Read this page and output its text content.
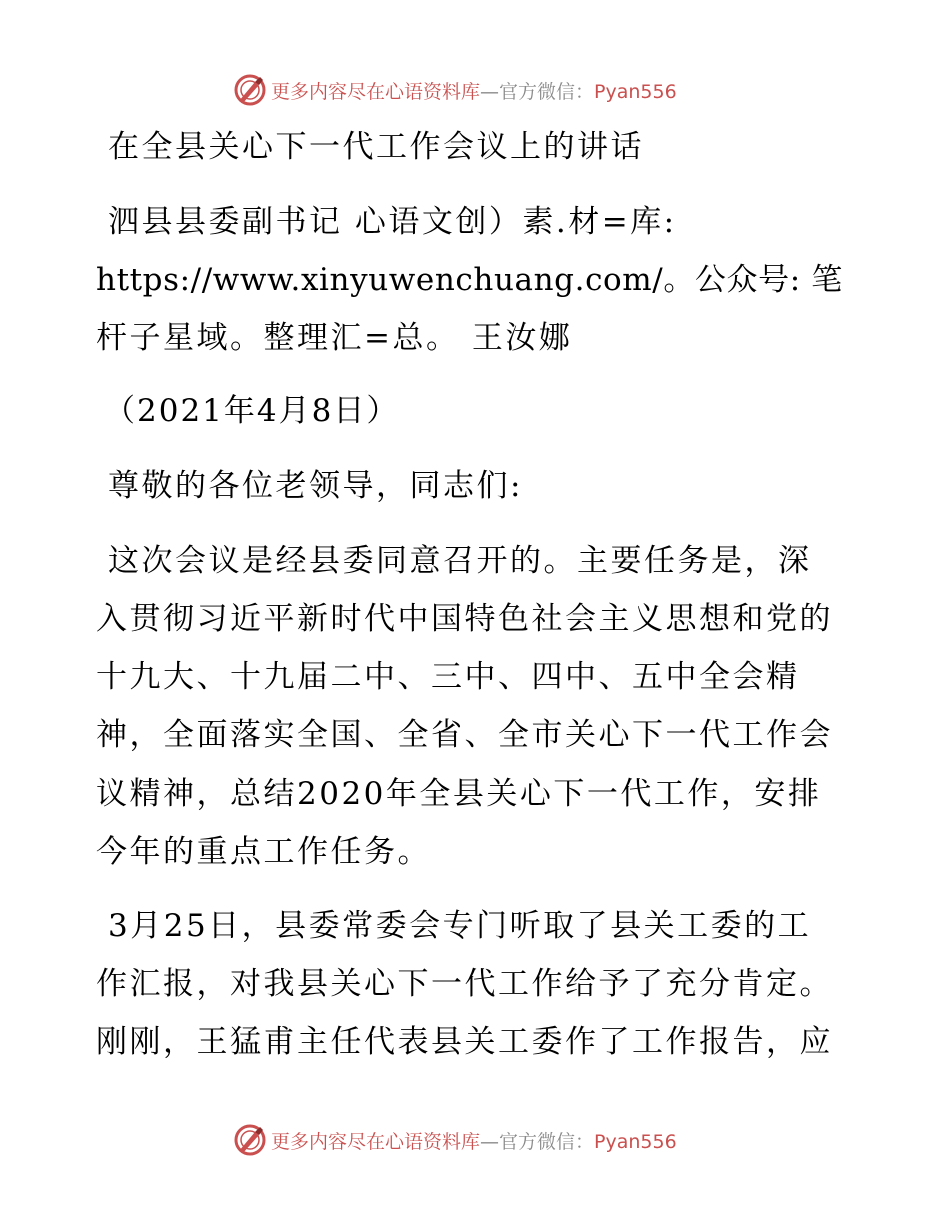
更多内容尽在心语资料库—官方微信：Pyan556
在全县关心下一代工作会议上的讲话
泗县县委副书记 心语文创）素.材=库:
https://www.xinyuwenchuang.com/。公众号: 笔
杆子星域。整理汇=总。 王汝娜
（2021年4月8日）
尊敬的各位老领导，同志们:
这次会议是经县委同意召开的。主要任务是，深
入贯彻习近平新时代中国特色社会主义思想和党的
十九大、十九届二中、三中、四中、五中全会精
神，全面落实全国、全省、全市关心下一代工作会
议精神，总结2020年全县关心下一代工作，安排
今年的重点工作任务。
3月25日，县委常委会专门听取了县关工委的工
作汇报，对我县关心下一代工作给予了充分肯定。
刚刚，王猛甫主任代表县关工委作了工作报告，应
更多内容尽在心语资料库—官方微信：Pyan556
